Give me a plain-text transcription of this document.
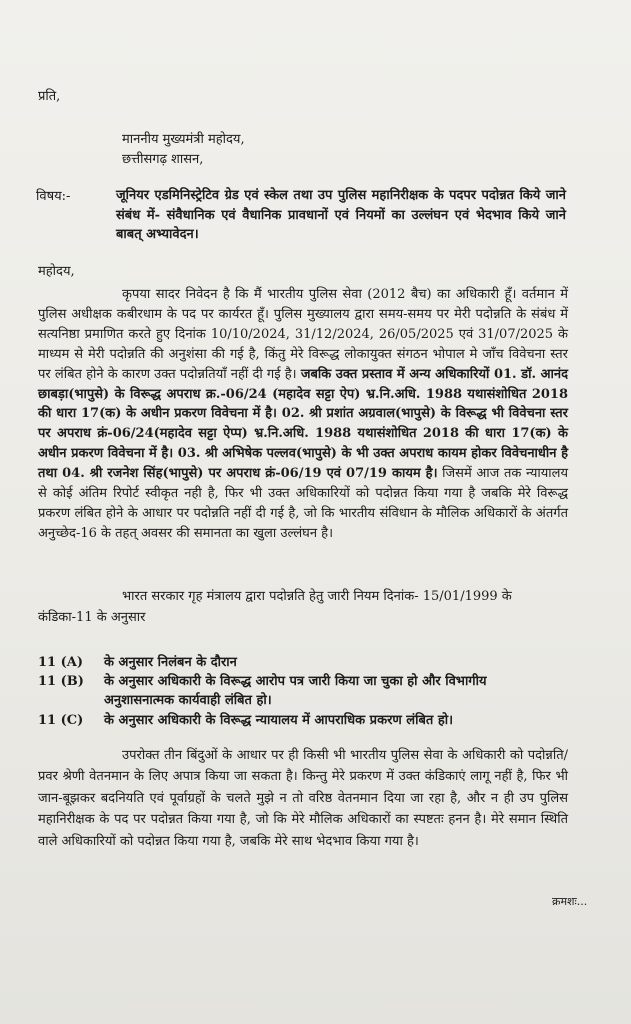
प्रति,
माननीय मुख्यमंत्री महोदय,
छत्तीसगढ़ शासन,
विषय:-	जूनियर एडमिनिस्ट्रेटिव ग्रेड एवं स्केल तथा उप पुलिस महानिरीक्षक के पदपर पदोन्नत किये जाने संबंध में- संवैधानिक एवं वैधानिक प्रावधानों एवं नियमों का उल्लंघन एवं भेदभाव किये जाने बाबत् अभ्यावेदन।
महोदय,
कृपया सादर निवेदन है कि मैं भारतीय पुलिस सेवा (2012 बैच) का अधिकारी हूँ। वर्तमान में पुलिस अधीक्षक कबीरधाम के पद पर कार्यरत हूँ। पुलिस मुख्यालय द्वारा समय-समय पर मेरी पदोन्नति के संबंध में सत्यनिष्ठा प्रमाणित करते हुए दिनांक 10/10/2024, 31/12/2024, 26/05/2025 एवं 31/07/2025 के माध्यम से मेरी पदोन्नति की अनुशंसा की गई है, किंतु मेरे विरूद्ध लोकायुक्त संगठन भोपाल मे जाँच विवेचना स्तर पर लंबित होने के कारण उक्त पदोन्नतियाँ नहीं दी गई है। जबकि उक्त प्रस्ताव में अन्य अधिकारियों 01. डॉ. आनंद छाबड़ा(भापुसे) के विरूद्ध अपराध क्र.-06/24 (महादेव सट्टा ऐप) भ्र.नि.अधि. 1988 यथासंशोधित 2018 की धारा 17(क) के अधीन प्रकरण विवेचना में है। 02. श्री प्रशांत अग्रवाल(भापुसे) के विरूद्ध भी विवेचना स्तर पर अपराध क्रं-06/24(महादेव सट्टा ऐप्प) भ्र.नि.अधि. 1988 यथासंशोधित 2018 की धारा 17(क) के अधीन प्रकरण विवेचना में है। 03. श्री अभिषेक पल्लव(भापुसे) के भी उक्त अपराध कायम होकर विवेचनाधीन है तथा 04. श्री रजनेश सिंह(भापुसे) पर अपराध क्रं-06/19 एवं 07/19 कायम है। जिसमें आज तक न्यायालय से कोई अंतिम रिपोर्ट स्वीकृत नही है, फिर भी उक्त अधिकारियों को पदोन्नत किया गया है जबकि मेरे विरूद्ध प्रकरण लंबित होने के आधार पर पदोन्नति नहीं दी गई है, जो कि भारतीय संविधान के मौलिक अधिकारों के अंतर्गत अनुच्छेद-16 के तहत् अवसर की समानता का खुला उल्लंघन है।
भारत सरकार गृह मंत्रालय द्वारा पदोन्नति हेतु जारी नियम दिनांक- 15/01/1999 के
कंडिका-11 के अनुसार
11 (A) के अनुसार निलंबन के दौरान
11 (B) के अनुसार अधिकारी के विरूद्ध आरोप पत्र जारी किया जा चुका हो और विभागीय
अनुशासनात्मक कार्यवाही लंबित हो।
11 (C) के अनुसार अधिकारी के विरूद्ध न्यायालय में आपराधिक प्रकरण लंबित हो।
उपरोक्त तीन बिंदुओं के आधार पर ही किसी भी भारतीय पुलिस सेवा के अधिकारी को पदोन्नति/प्रवर श्रेणी वेतनमान के लिए अपात्र किया जा सकता है। किन्तु मेरे प्रकरण में उक्त कंडिकाएं लागू नहीं है, फिर भी जान-बूझकर बदनियति एवं पूर्वाग्रहों के चलते मुझे न तो वरिष्ठ वेतनमान दिया जा रहा है, और न ही उप पुलिस महानिरीक्षक के पद पर पदोन्नत किया गया है, जो कि मेरे मौलिक अधिकारों का स्पष्टतः हनन है। मेरे समान स्थिति वाले अधिकारियों को पदोन्नत किया गया है, जबकि मेरे साथ भेदभाव किया गया है।
क्रमशः...
